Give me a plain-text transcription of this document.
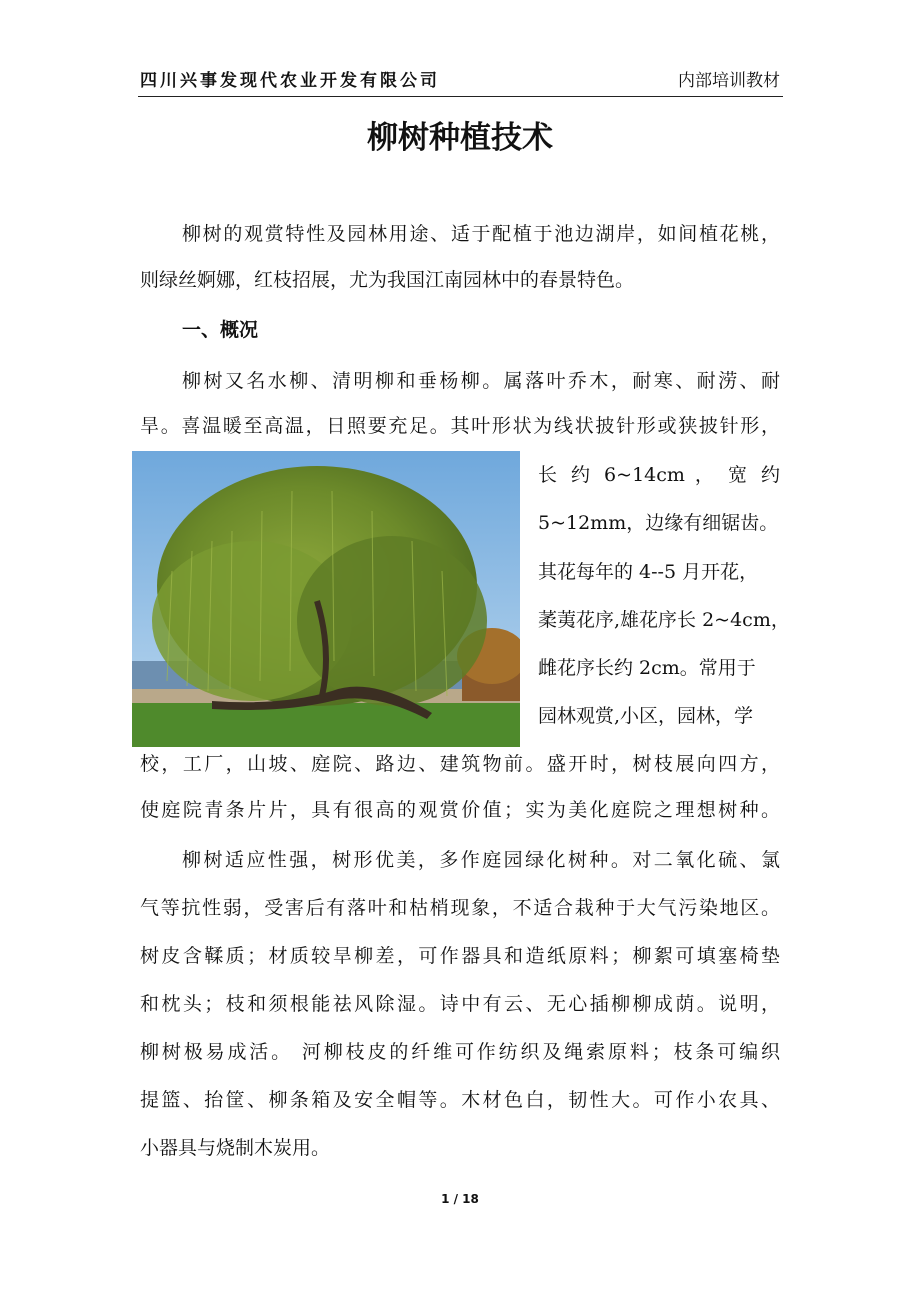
四川兴事发现代农业开发有限公司	内部培训教材
柳树种植技术
柳树的观赏特性及园林用途、适于配植于池边湖岸，如间植花桃，
则绿丝婀娜，红枝招展，尤为我国江南园林中的春景特色。
一、概况
柳树又名水柳、清明柳和垂杨柳。属落叶乔木，耐寒、耐涝、耐
旱。喜温暖至高温，日照要充足。其叶形状为线状披针形或狭披针形，
长 约 6~14cm ， 宽 约
5~12mm，边缘有细锯齿。
其花每年的 4--5 月开花，
葇荑花序,雄花序长 2~4cm，
雌花序长约 2cm。常用于
园林观赏,小区，园林，学
校，工厂，山坡、庭院、路边、建筑物前。盛开时，树枝展向四方，
使庭院青条片片，具有很高的观赏价值；实为美化庭院之理想树种。
柳树适应性强，树形优美，多作庭园绿化树种。对二氧化硫、氯
气等抗性弱，受害后有落叶和枯梢现象，不适合栽种于大气污染地区。
树皮含鞣质；材质较旱柳差，可作器具和造纸原料；柳絮可填塞椅垫
和枕头；枝和须根能祛风除湿。诗中有云、无心插柳柳成荫。说明，
柳树极易成活。 河柳枝皮的纤维可作纺织及绳索原料；枝条可编织
提篮、抬筐、柳条箱及安全帽等。木材色白，韧性大。可作小农具、
小器具与烧制木炭用。
1 / 18
